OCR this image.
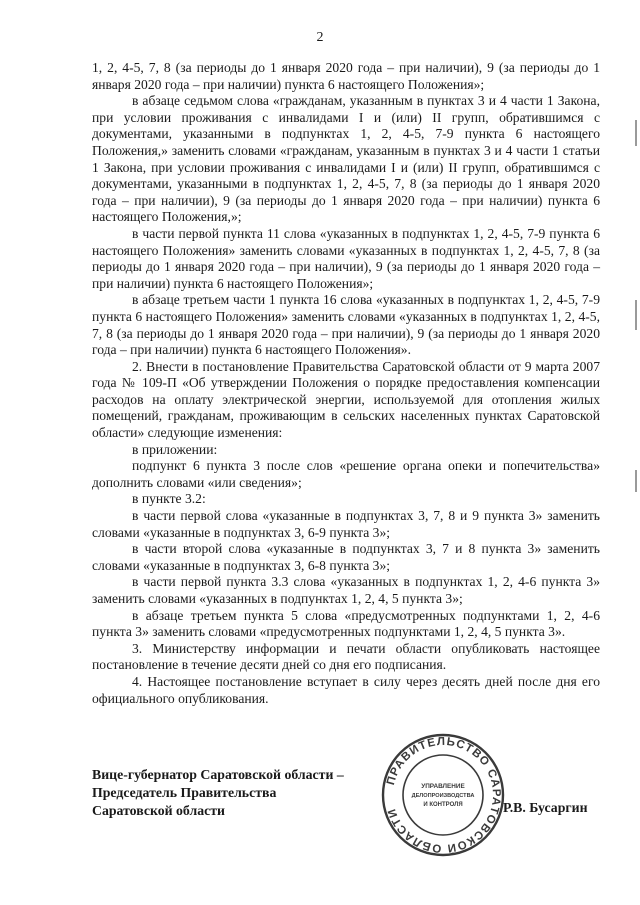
2

1, 2, 4-5, 7, 8 (за периоды до 1 января 2020 года – при наличии), 9 (за периоды до 1 января 2020 года – при наличии) пункта 6 настоящего Положения»;

в абзаце седьмом слова «гражданам, указанным в пунктах 3 и 4 части 1 Закона, при условии проживания с инвалидами I и (или) II групп, обратившимся с документами, указанными в подпунктах 1, 2, 4-5, 7-9 пункта 6 настоящего Положения,» заменить словами «гражданам, указанным в пунктах 3 и 4 части 1 статьи 1 Закона, при условии проживания с инвалидами I и (или) II групп, обратившимся с документами, указанными в подпунктах 1, 2, 4-5, 7, 8 (за периоды до 1 января 2020 года – при наличии), 9 (за периоды до 1 января 2020 года – при наличии) пункта 6 настоящего Положения,»;

в части первой пункта 11 слова «указанных в подпунктах 1, 2, 4-5, 7-9 пункта 6 настоящего Положения» заменить словами «указанных в подпунктах 1, 2, 4-5, 7, 8 (за периоды до 1 января 2020 года – при наличии), 9 (за периоды до 1 января 2020 года – при наличии) пункта 6 настоящего Положения»;

в абзаце третьем части 1 пункта 16 слова «указанных в подпунктах 1, 2, 4-5, 7-9 пункта 6 настоящего Положения» заменить словами «указанных в подпунктах 1, 2, 4-5, 7, 8 (за периоды до 1 января 2020 года – при наличии), 9 (за периоды до 1 января 2020 года – при наличии) пункта 6 настоящего Положения».

2. Внести в постановление Правительства Саратовской области от 9 марта 2007 года № 109-П «Об утверждении Положения о порядке предоставления компенсации расходов на оплату электрической энергии, используемой для отопления жилых помещений, гражданам, проживающим в сельских населенных пунктах Саратовской области» следующие изменения:

в приложении:

подпункт 6 пункта 3 после слов «решение органа опеки и попечительства» дополнить словами «или сведения»;

в пункте 3.2:

в части первой слова «указанные в подпунктах 3, 7, 8 и 9 пункта 3» заменить словами «указанные в подпунктах 3, 6-9 пункта 3»;

в части второй слова «указанные в подпунктах 3, 7 и 8 пункта 3» заменить словами «указанные в подпунктах 3, 6-8 пункта 3»;

в части первой пункта 3.3 слова «указанных в подпунктах 1, 2, 4-6 пункта 3» заменить словами «указанных в подпунктах 1, 2, 4, 5 пункта 3»;

в абзаце третьем пункта 5 слова «предусмотренных подпунктами 1, 2, 4-6 пункта 3» заменить словами «предусмотренных подпунктами 1, 2, 4, 5 пункта 3».

3. Министерству информации и печати области опубликовать настоящее постановление в течение десяти дней со дня его подписания.

4. Настоящее постановление вступает в силу через десять дней после дня его официального опубликования.

Вице-губернатор Саратовской области –
Председатель Правительства
Саратовской области
ПРАВИТЕЛЬСТВО САРАТОВСКОЙ ОБЛАСТИ
УПРАВЛЕНИЕ
ДЕЛОПРОИЗВОДСТВА
И КОНТРОЛЯ	Р.В. Бусаргин
